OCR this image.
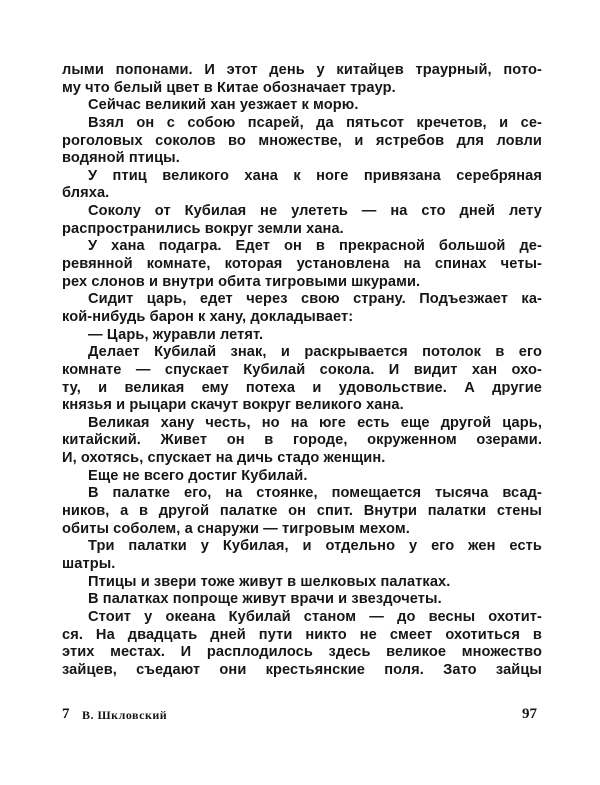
лыми попонами. И этот день у китайцев траурный, пото-
му что белый цвет в Китае обозначает траур.
Сейчас великий хан уезжает к морю.
Взял он с собою псарей, да пятьсот кречетов, и се-
роголовых соколов во множестве, и ястребов для ловли
водяной птицы.
У птиц великого хана к ноге привязана серебряная
бляха.
Соколу от Кубилая не улететь — на сто дней лету
распространились вокруг земли хана.
У хана подагра. Едет он в прекрасной большой де-
ревянной комнате, которая установлена на спинах четы-
рех слонов и внутри обита тигровыми шкурами.
Сидит царь, едет через свою страну. Подъезжает ка-
кой-нибудь барон к хану, докладывает:
— Царь, журавли летят.
Делает Кубилай знак, и раскрывается потолок в его
комнате — спускает Кубилай сокола. И видит хан охо-
ту, и великая ему потеха и удовольствие. А другие
князья и рыцари скачут вокруг великого хана.
Великая хану честь, но на юге есть еще другой царь,
китайский. Живет он в городе, окруженном озерами.
И, охотясь, спускает на дичь стадо женщин.
Еще не всего достиг Кубилай.
В палатке его, на стоянке, помещается тысяча всад-
ников, а в другой палатке он спит. Внутри палатки стены
обиты соболем, а снаружи — тигровым мехом.
Три палатки у Кубилая, и отдельно у его жен есть
шатры.
Птицы и звери тоже живут в шелковых палатках.
В палатках попроще живут врачи и звездочеты.
Стоит у океана Кубилай станом — до весны охотит-
ся. На двадцать дней пути никто не смеет охотиться в
этих местах. И расплодилось здесь великое множество
зайцев, съедают они крестьянские поля. Зато зайцы
7 В. Шкловский	97
